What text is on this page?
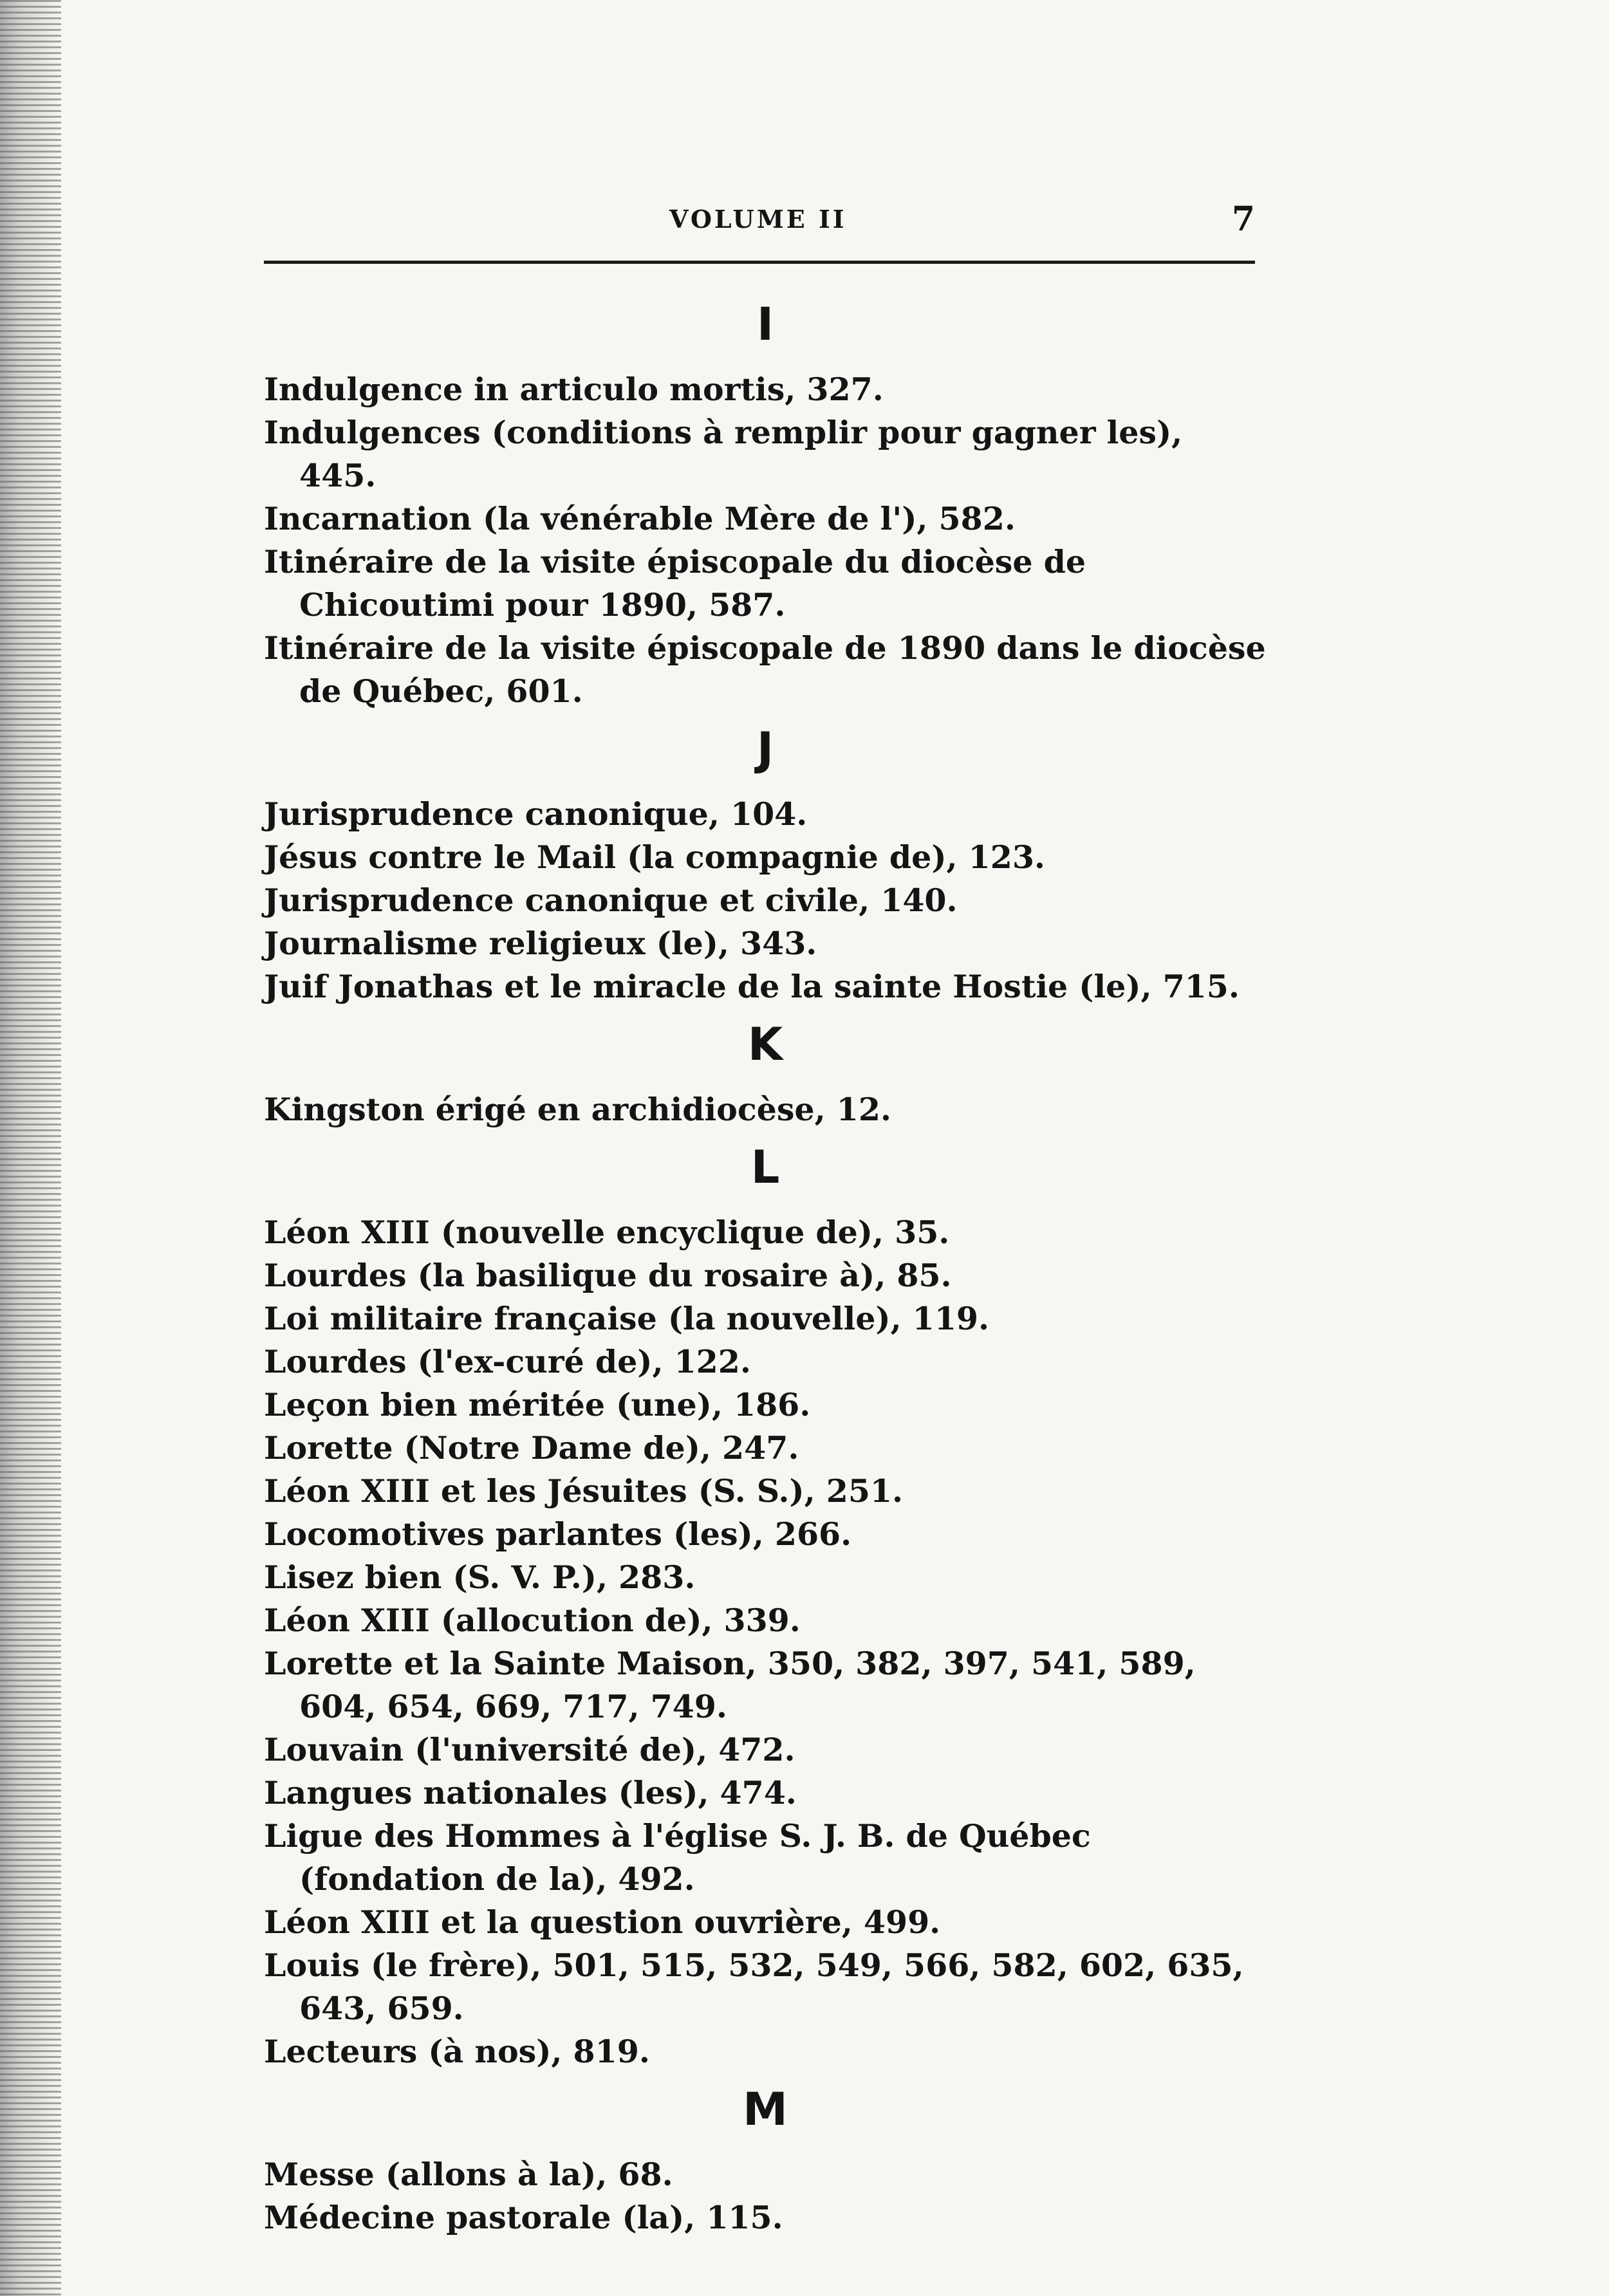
VOLUME II	7
I

Indulgence in articulo mortis, 327.

Indulgences (conditions à remplir pour gagner les), 445.

Incarnation (la vénérable Mère de l'), 582.

Itinéraire de la visite épiscopale du diocèse de Chicoutimi pour 1890, 587.

Itinéraire de la visite épiscopale de 1890 dans le diocèse de Québec, 601.

J

Jurisprudence canonique, 104.

Jésus contre le Mail (la compagnie de), 123.

Jurisprudence canonique et civile, 140.

Journalisme religieux (le), 343.

Juif Jonathas et le miracle de la sainte Hostie (le), 715.

K

Kingston érigé en archidiocèse, 12.

L

Léon XIII (nouvelle encyclique de), 35.

Lourdes (la basilique du rosaire à), 85.

Loi militaire française (la nouvelle), 119.

Lourdes (l'ex-curé de), 122.

Leçon bien méritée (une), 186.

Lorette (Notre Dame de), 247.

Léon XIII et les Jésuites (S. S.), 251.

Locomotives parlantes (les), 266.

Lisez bien (S. V. P.), 283.

Léon XIII (allocution de), 339.

Lorette et la Sainte Maison, 350, 382, 397, 541, 589, 604, 654, 669, 717, 749.

Louvain (l'université de), 472.

Langues nationales (les), 474.

Ligue des Hommes à l'église S. J. B. de Québec (fondation de la), 492.

Léon XIII et la question ouvrière, 499.

Louis (le frère), 501, 515, 532, 549, 566, 582, 602, 635, 643, 659.

Lecteurs (à nos), 819.

M

Messe (allons à la), 68.

Médecine pastorale (la), 115.
